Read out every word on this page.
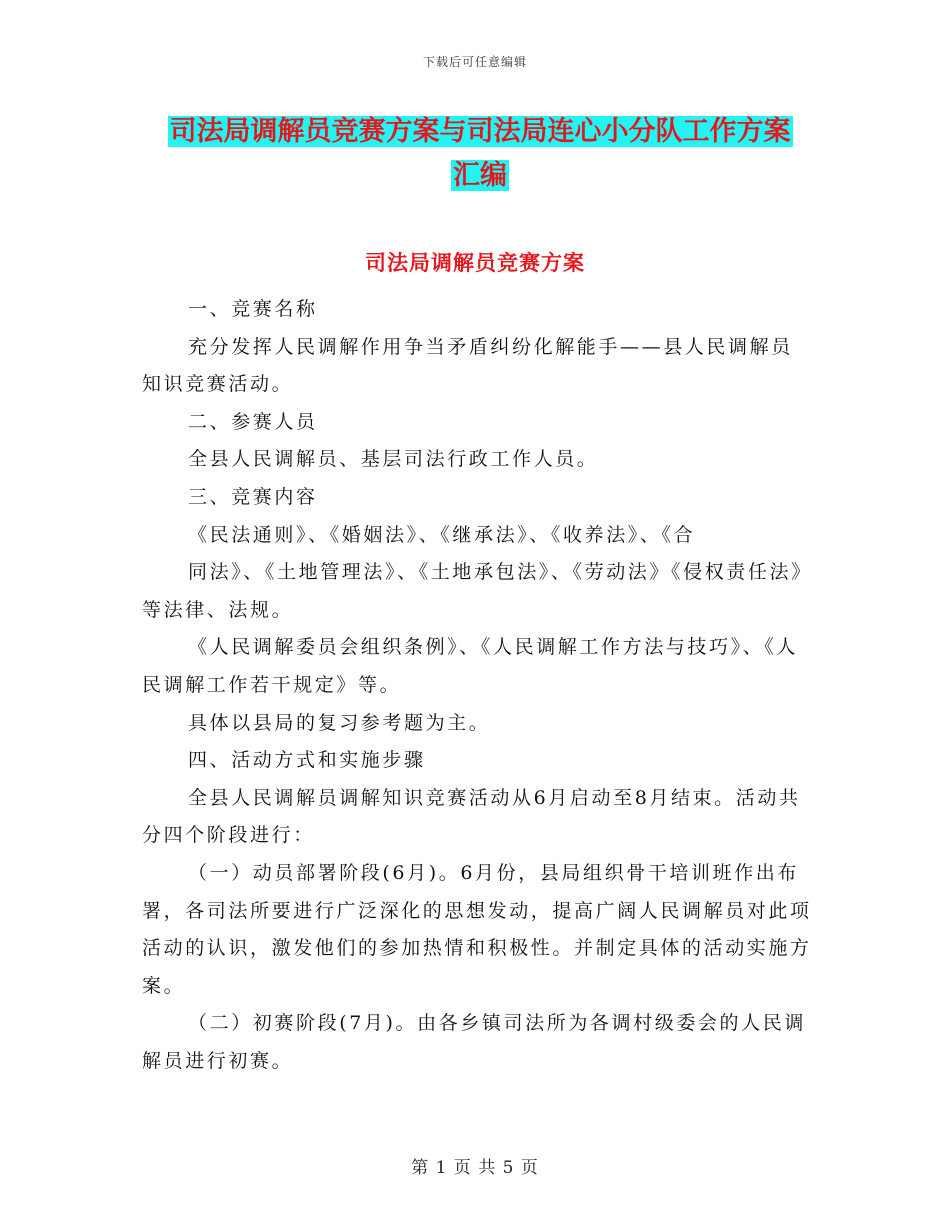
下载后可任意编辑
司法局调解员竞赛方案与司法局连心小分队工作方案
汇编
司法局调解员竞赛方案

一、竞赛名称

充分发挥人民调解作用争当矛盾纠纷化解能手——县人民调解员知识竞赛活动。

二、参赛人员

全县人民调解员、基层司法行政工作人员。

三、竞赛内容

《民法通则》、《婚姻法》、《继承法》、《收养法》、《合

同法》、《土地管理法》、《土地承包法》、《劳动法》《侵权责任法》等法律、法规。

《人民调解委员会组织条例》、《人民调解工作方法与技巧》、《人民调解工作若干规定》等。

具体以县局的复习参考题为主。

四、活动方式和实施步骤

全县人民调解员调解知识竞赛活动从6月启动至8月结束。活动共分四个阶段进行：

（一）动员部署阶段(6月)。6月份，县局组织骨干培训班作出布署，各司法所要进行广泛深化的思想发动，提高广阔人民调解员对此项活动的认识，激发他们的参加热情和积极性。并制定具体的活动实施方案。

（二）初赛阶段(7月)。由各乡镇司法所为各调村级委会的人民调解员进行初赛。

第 1 页 共 5 页
